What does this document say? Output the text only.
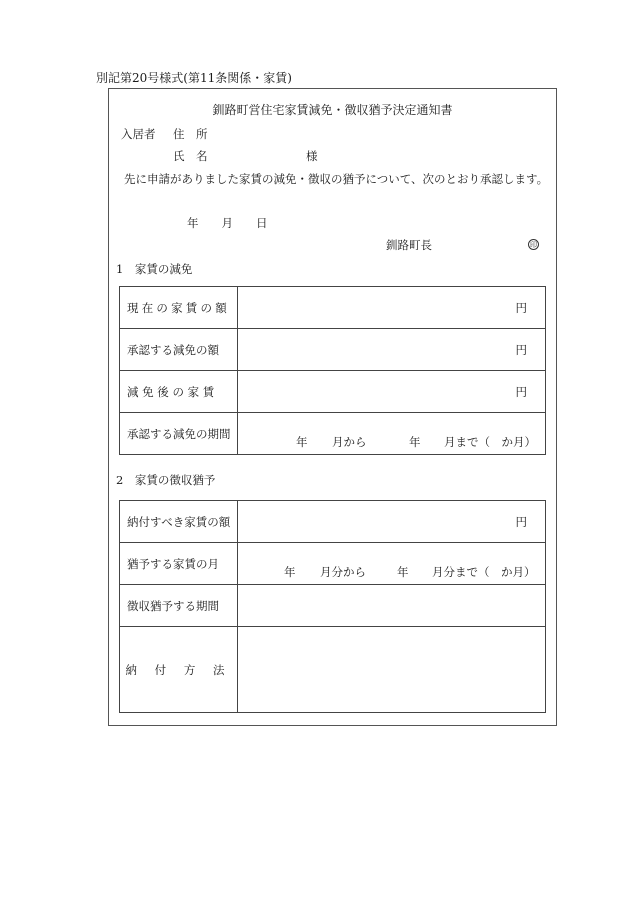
別記第20号様式(第11条関係・家賃)
釧路町営住宅家賃減免・徴収猶予決定通知書
入居者 住　所
氏　名	様
先に申請がありました家賃の減免・徴収の猶予について、次のとおり承認します。
年　　月　　日
釧路町長	印
1　家賃の減免
現在の家賃の額	円

承認する減免の額	円

減 免 後 の 家 賃	円

承認する減免の期間	年 月から 年 月まで（　か月）
2　家賃の徴収猶予
納付すべき家賃の額	円

猶予する家賃の月	年 月分から 年 月分まで（　か月）

徴収猶予する期間	
納 付 方 法	
